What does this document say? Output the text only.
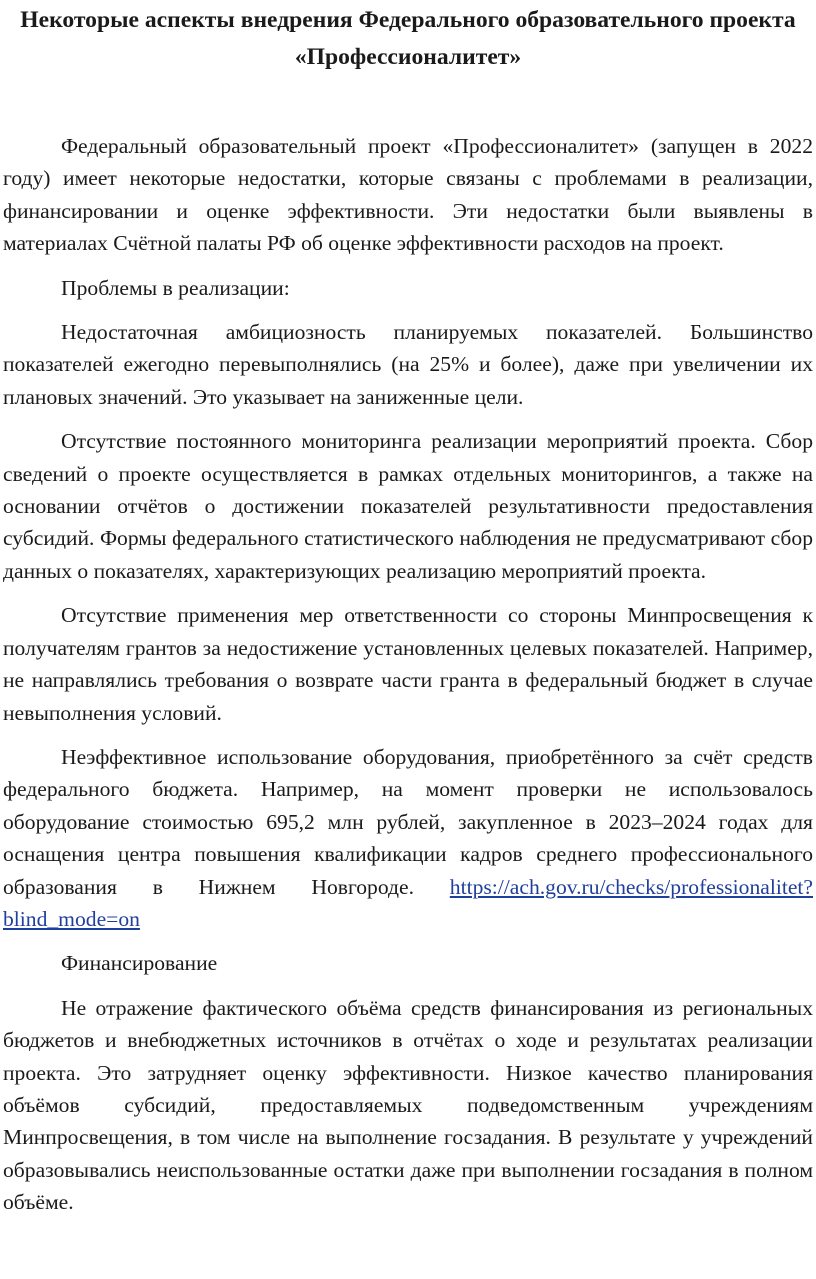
Некоторые аспекты внедрения Федерального образовательного проекта «Профессионалитет»

Федеральный образовательный проект «Профессионалитет» (запущен в 2022 году) имеет некоторые недостатки, которые связаны с проблемами в реализации, финансировании и оценке эффективности. Эти недостатки были выявлены в материалах Счётной палаты РФ об оценке эффективности расходов на проект.

Проблемы в реализации:

Недостаточная амбициозность планируемых показателей. Большинство показателей ежегодно перевыполнялись (на 25% и более), даже при увеличении их плановых значений. Это указывает на заниженные цели.

Отсутствие постоянного мониторинга реализации мероприятий проекта. Сбор сведений о проекте осуществляется в рамках отдельных мониторингов, а также на основании отчётов о достижении показателей результативности предоставления субсидий. Формы федерального статистического наблюдения не предусматривают сбор данных о показателях, характеризующих реализацию мероприятий проекта.

Отсутствие применения мер ответственности со стороны Минпросвещения к получателям грантов за недостижение установленных целевых показателей. Например, не направлялись требования о возврате части гранта в федеральный бюджет в случае невыполнения условий.

Неэффективное использование оборудования, приобретённого за счёт средств федерального бюджета. Например, на момент проверки не использовалось оборудование стоимостью 695,2 млн рублей, закупленное в 2023–2024 годах для оснащения центра повышения квалификации кадров среднего профессионального образования в Нижнем Новгороде. https://ach.gov.ru/checks/professionalitet?blind_mode=on

Финансирование

Не отражение фактического объёма средств финансирования из региональных бюджетов и внебюджетных источников в отчётах о ходе и результатах реализации проекта. Это затрудняет оценку эффективности. Низкое качество планирования объёмов субсидий, предоставляемых подведомственным учреждениям Минпросвещения, в том числе на выполнение госзадания. В результате у учреждений образовывались неиспользованные остатки даже при выполнении госзадания в полном объёме.
